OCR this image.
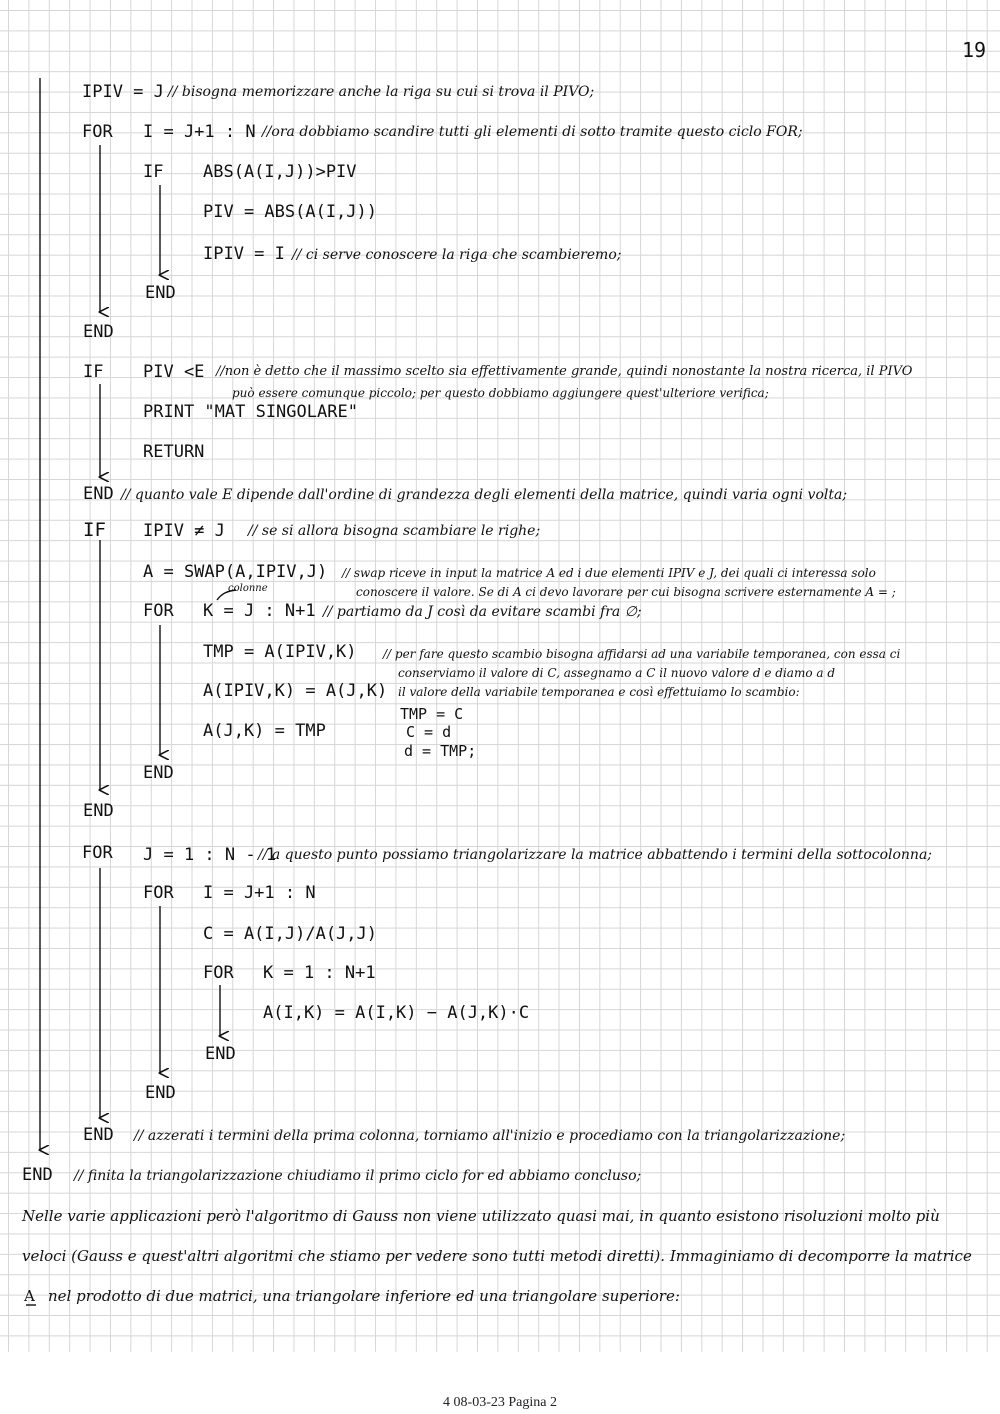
19
IPIV = J // bisogna memorizzare anche la riga su cui si trova il PIVO;
FOR I = J+1 : N //ora dobbiamo scandire tutti gli elementi di sotto tramite questo ciclo FOR;
IF ABS(A(I,J))>PIV
PIV = ABS(A(I,J))
IPIV = I // ci serve conoscere la riga che scambieremo;
END
END
IF PIV <E //non è detto che il massimo scelto sia effettivamente grande, quindi nonostante la nostra ricerca, il PIVO
può essere comunque piccolo; per questo dobbiamo aggiungere quest'ulteriore verifica;
PRINT "MAT SINGOLARE"
RETURN
END // quanto vale E dipende dall'ordine di grandezza degli elementi della matrice, quindi varia ogni volta;
IF IPIV ≠ J // se si allora bisogna scambiare le righe;
A = SWAP(A,IPIV,J) // swap riceve in input la matrice A ed i due elementi IPIV e J, dei quali ci interessa solo
conoscere il valore. Se di A ci devo lavorare per cui bisogna scrivere esternamente A = ;
colonne
FOR K = J : N+1 // partiamo da J così da evitare scambi fra ∅;
TMP = A(IPIV,K)
A(IPIV,K) = A(J,K)
A(J,K) = TMP
// per fare questo scambio bisogna affidarsi ad una variabile temporanea, con essa ci
conserviamo il valore di C, assegnamo a C il nuovo valore d e diamo a d
il valore della variabile temporanea e così effettuiamo lo scambio:
TMP = C
C = d
d = TMP;
END
END
FOR J = 1 : N - 1
// a questo punto possiamo triangolarizzare la matrice abbattendo i termini della sottocolonna;
FOR I = J+1 : N
C = A(I,J)/A(J,J)
FOR K = 1 : N+1
A(I,K) = A(I,K) − A(J,K)·C
END
END
END // azzerati i termini della prima colonna, torniamo all'inizio e procediamo con la triangolarizzazione;
END // finita la triangolarizzazione chiudiamo il primo ciclo for ed abbiamo concluso;
Nelle varie applicazioni però l'algoritmo di Gauss non viene utilizzato quasi mai, in quanto esistono risoluzioni molto più
veloci (Gauss e quest'altri algoritmi che stiamo per vedere sono tutti metodi diretti). Immaginiamo di decomporre la matrice
A nel prodotto di due matrici, una triangolare inferiore ed una triangolare superiore:
4 08-03-23 Pagina 2
